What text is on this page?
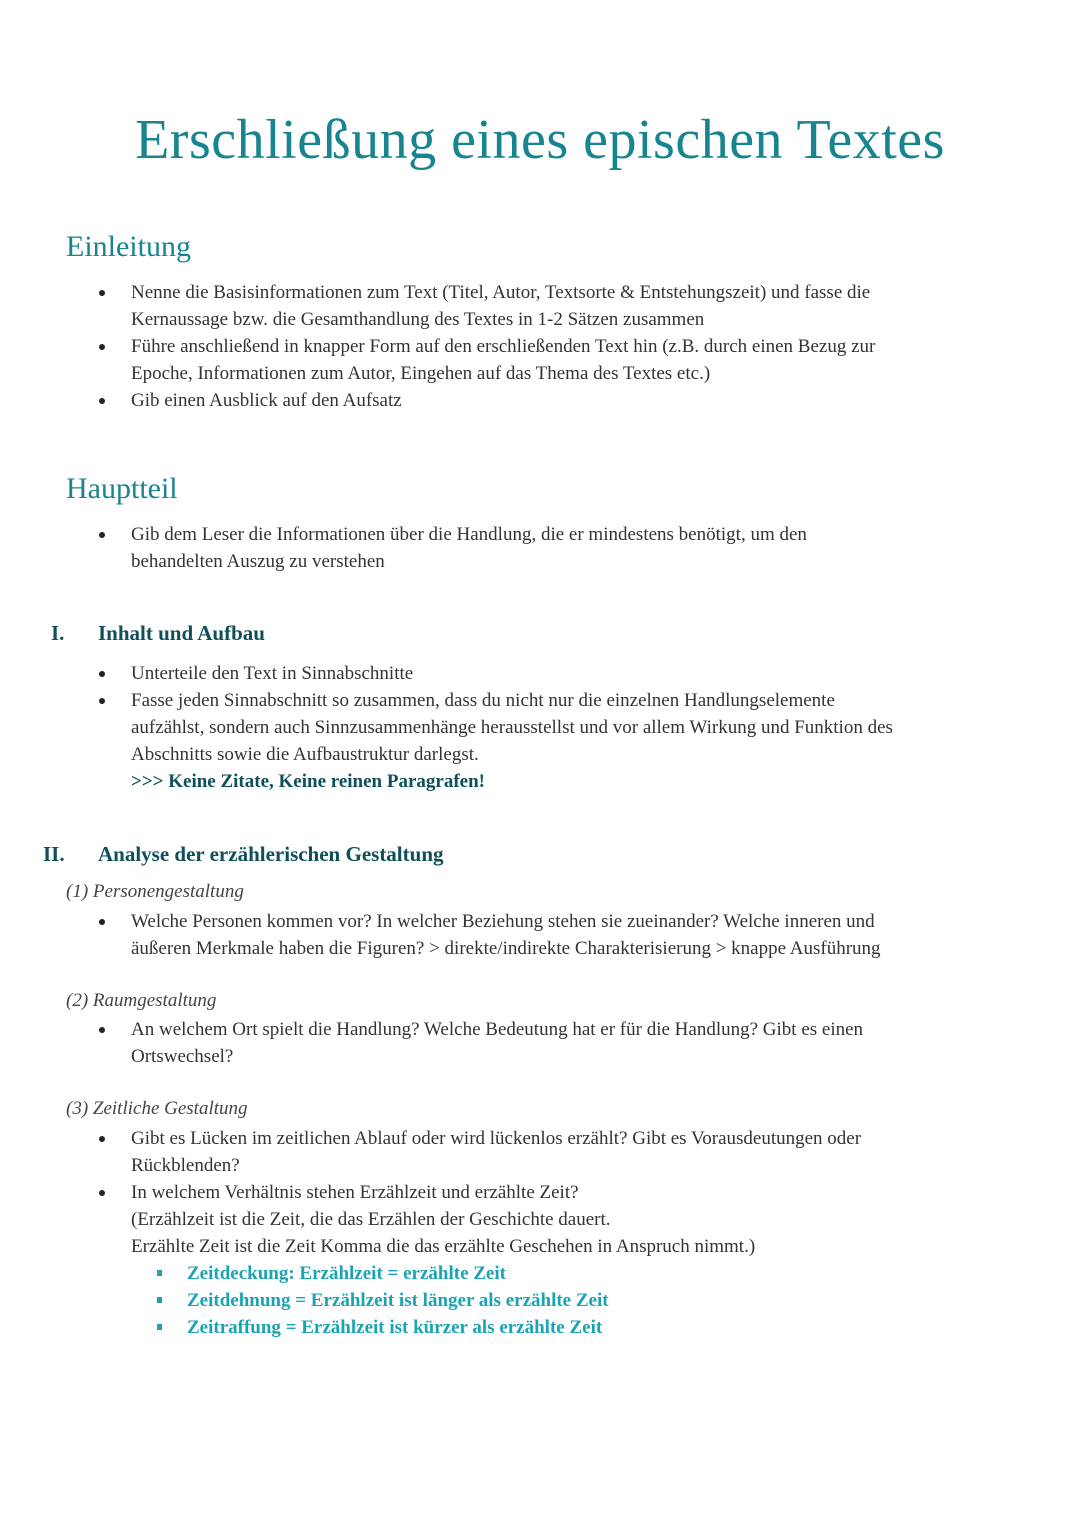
Erschließung eines epischen Textes
Einleitung
Nenne die Basisinformationen zum Text (Titel, Autor, Textsorte & Entstehungszeit) und fasse die
Kernaussage bzw. die Gesamthandlung des Textes in 1-2 Sätzen zusammen
Führe anschließend in knapper Form auf den erschließenden Text hin (z.B. durch einen Bezug zur
Epoche, Informationen zum Autor, Eingehen auf das Thema des Textes etc.)
Gib einen Ausblick auf den Aufsatz
Hauptteil
Gib dem Leser die Informationen über die Handlung, die er mindestens benötigt, um den
behandelten Auszug zu verstehen
I.	Inhalt und Aufbau
Unterteile den Text in Sinnabschnitte
Fasse jeden Sinnabschnitt so zusammen, dass du nicht nur die einzelnen Handlungselemente
aufzählst, sondern auch Sinnzusammenhänge herausstellst und vor allem Wirkung und Funktion des
Abschnitts sowie die Aufbaustruktur darlegst.
>>> Keine Zitate, Keine reinen Paragrafen!
II.	Analyse der erzählerischen Gestaltung
(1) Personengestaltung
Welche Personen kommen vor? In welcher Beziehung stehen sie zueinander? Welche inneren und
äußeren Merkmale haben die Figuren? > direkte/indirekte Charakterisierung > knappe Ausführung
(2) Raumgestaltung
An welchem Ort spielt die Handlung? Welche Bedeutung hat er für die Handlung? Gibt es einen
Ortswechsel?
(3) Zeitliche Gestaltung
Gibt es Lücken im zeitlichen Ablauf oder wird lückenlos erzählt? Gibt es Vorausdeutungen oder
Rückblenden?
In welchem Verhältnis stehen Erzählzeit und erzählte Zeit?
(Erzählzeit ist die Zeit, die das Erzählen der Geschichte dauert.
Erzählte Zeit ist die Zeit Komma die das erzählte Geschehen in Anspruch nimmt.)
Zeitdeckung: Erzählzeit = erzählte Zeit
Zeitdehnung = Erzählzeit ist länger als erzählte Zeit
Zeitraffung = Erzählzeit ist kürzer als erzählte Zeit
